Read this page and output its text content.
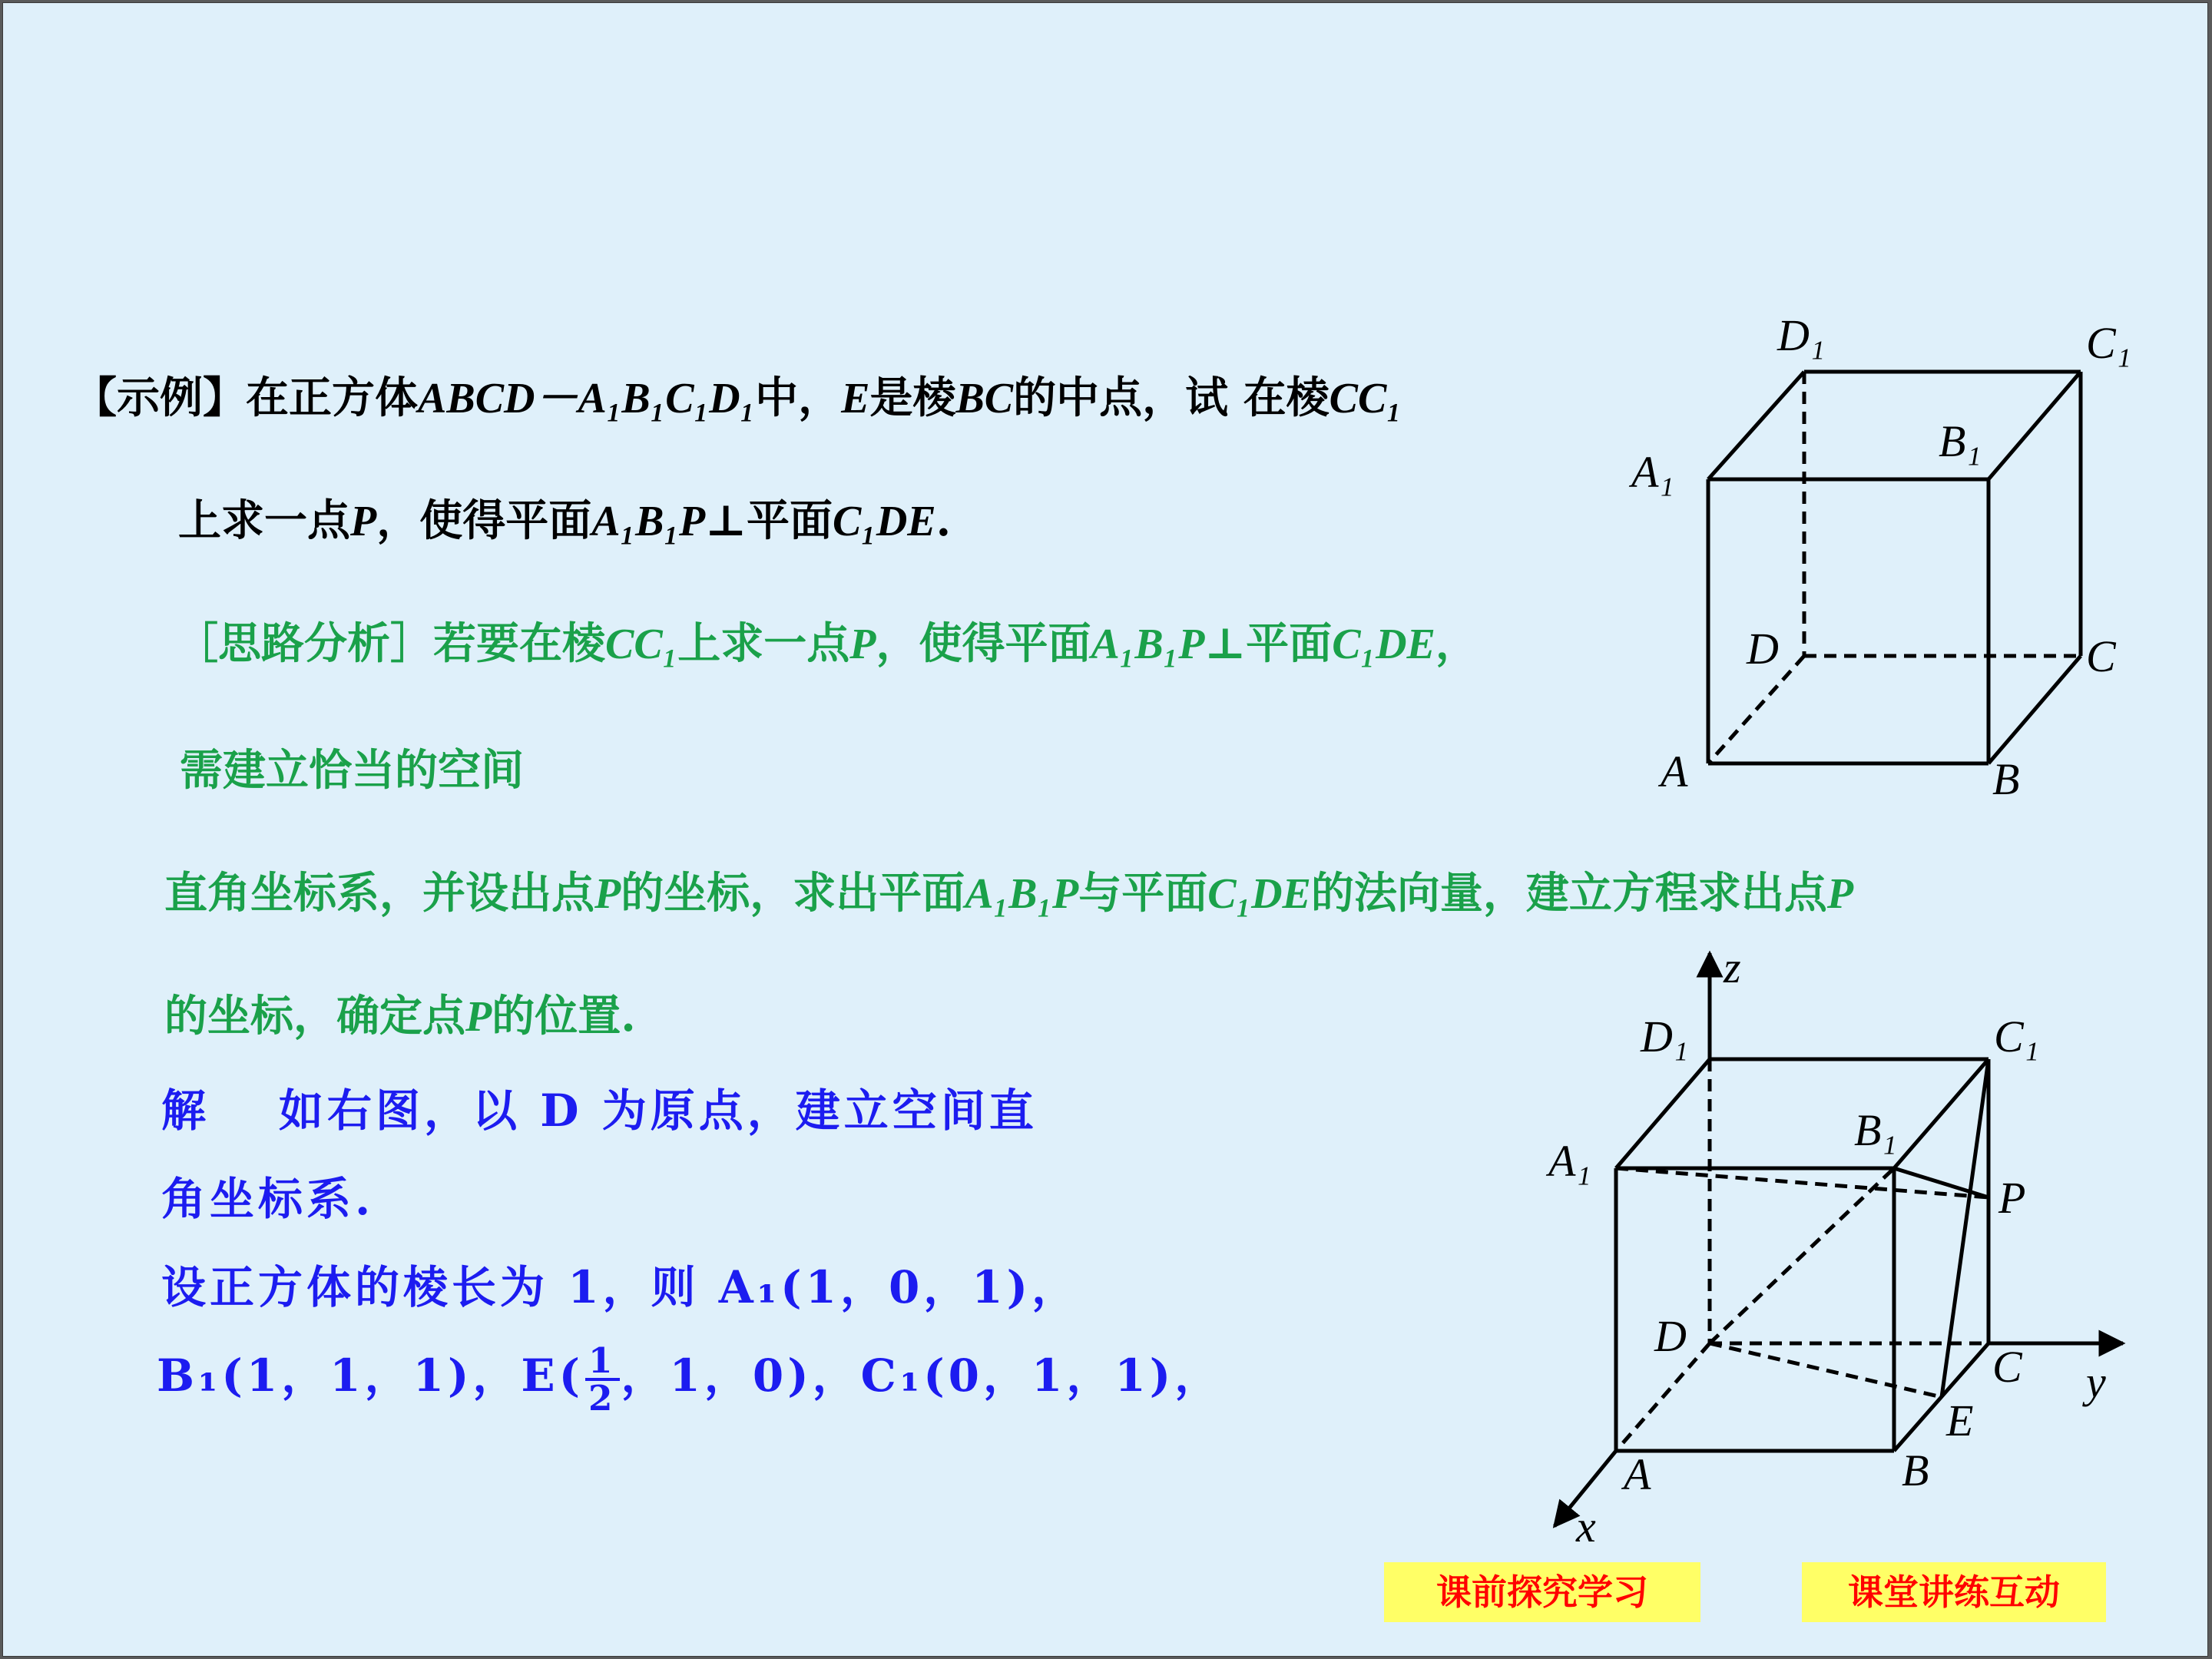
【示例】在正方体ABCD－A₁B₁C₁D₁中，E是棱BC的中点，试 在棱CC₁
上求一点P，使得平面A₁B₁P⊥平面C₁DE.
［思路分析］若要在棱CC₁上求一点P，使得平面A₁B₁P⊥平面C₁DE，
需建立恰当的空间
直角坐标系，并设出点P的坐标，求出平面A₁B₁P与平面C₁DE的法向量，建立方程求出点P
的坐标，确定点P的位置.
解 如右图，以 D 为原点，建立空间直
角坐标系.
设正方体的棱长为 1，则 A₁(1，0，1)，
B₁(1，1，1)，$E( \frac{1}{2}$ ，1，0)，C₁(0，1，1)，
D₁	C₁
A₁
B₁
D	C
A	B
z
y
x
D₁	C₁
A₁
B₁
P
D
C
E
A	B
课前探究学习	课堂讲练互动
